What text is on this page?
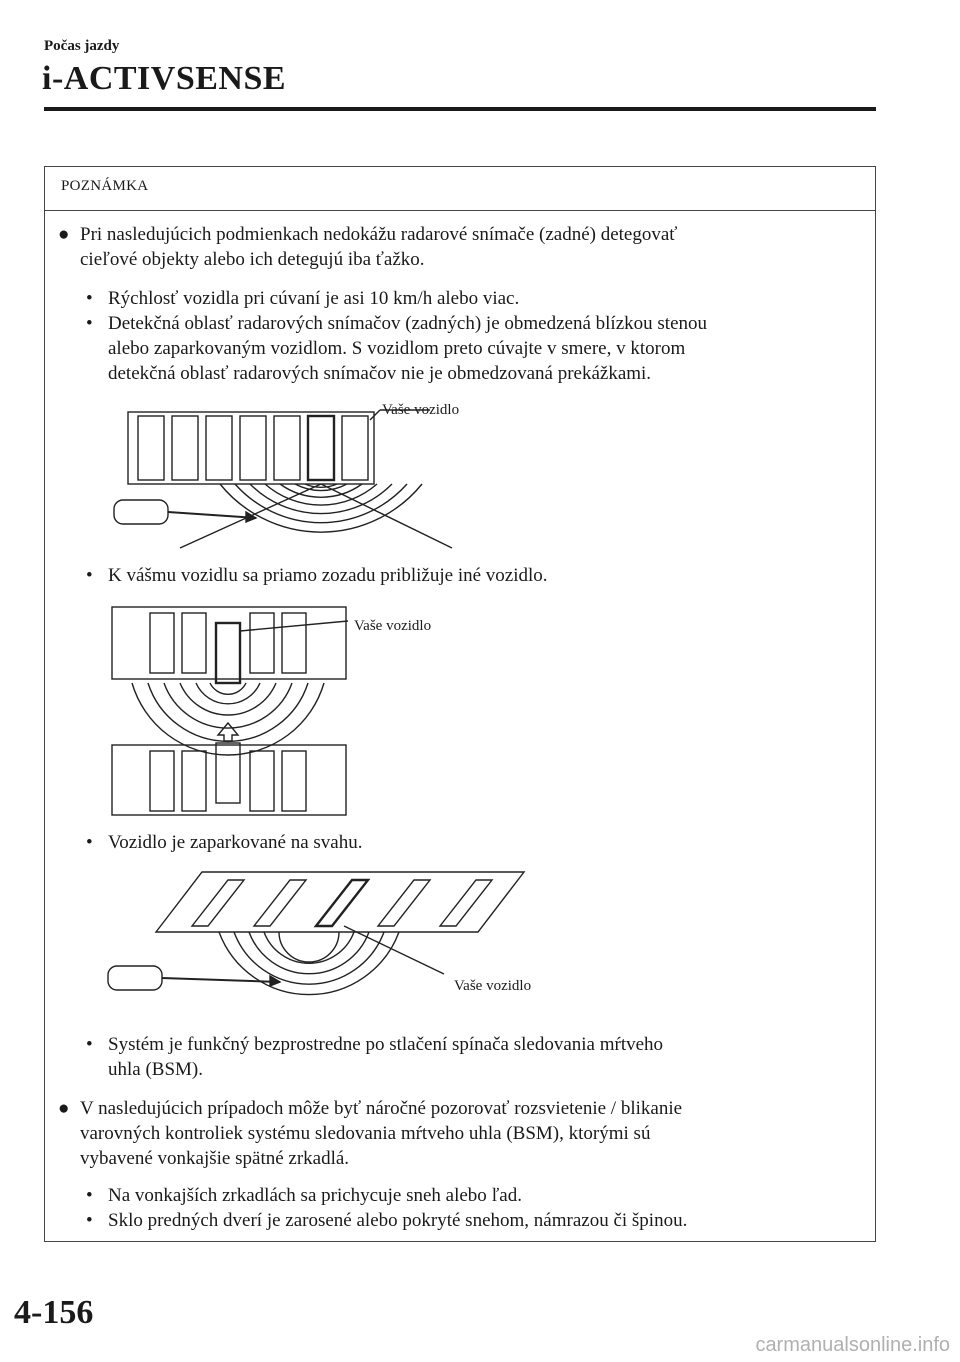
Počas jazdy
i-ACTIVSENSE
POZNÁMKA
● Pri nasledujúcich podmienkach nedokážu radarové snímače (zadné) detegovať
cieľové objekty alebo ich detegujú iba ťažko.
• Rýchlosť vozidla pri cúvaní je asi 10 km/h alebo viac.
• Detekčná oblasť radarových snímačov (zadných) je obmedzená blízkou stenou
alebo zaparkovaným vozidlom. S vozidlom preto cúvajte v smere, v ktorom
detekčná oblasť radarových snímačov nie je obmedzovaná prekážkami.
Vaše vozidlo
• K vášmu vozidlu sa priamo zozadu približuje iné vozidlo.
Vaše vozidlo
• Vozidlo je zaparkované na svahu.
Vaše vozidlo
• Systém je funkčný bezprostredne po stlačení spínača sledovania mŕtveho
uhla (BSM).
● V nasledujúcich prípadoch môže byť náročné pozorovať rozsvietenie / blikanie
varovných kontroliek systému sledovania mŕtveho uhla (BSM), ktorými sú
vybavené vonkajšie spätné zrkadlá.
• Na vonkajších zrkadlách sa prichycuje sneh alebo ľad.
• Sklo predných dverí je zarosené alebo pokryté snehom, námrazou či špinou.
4-156
carmanualsonline.info
